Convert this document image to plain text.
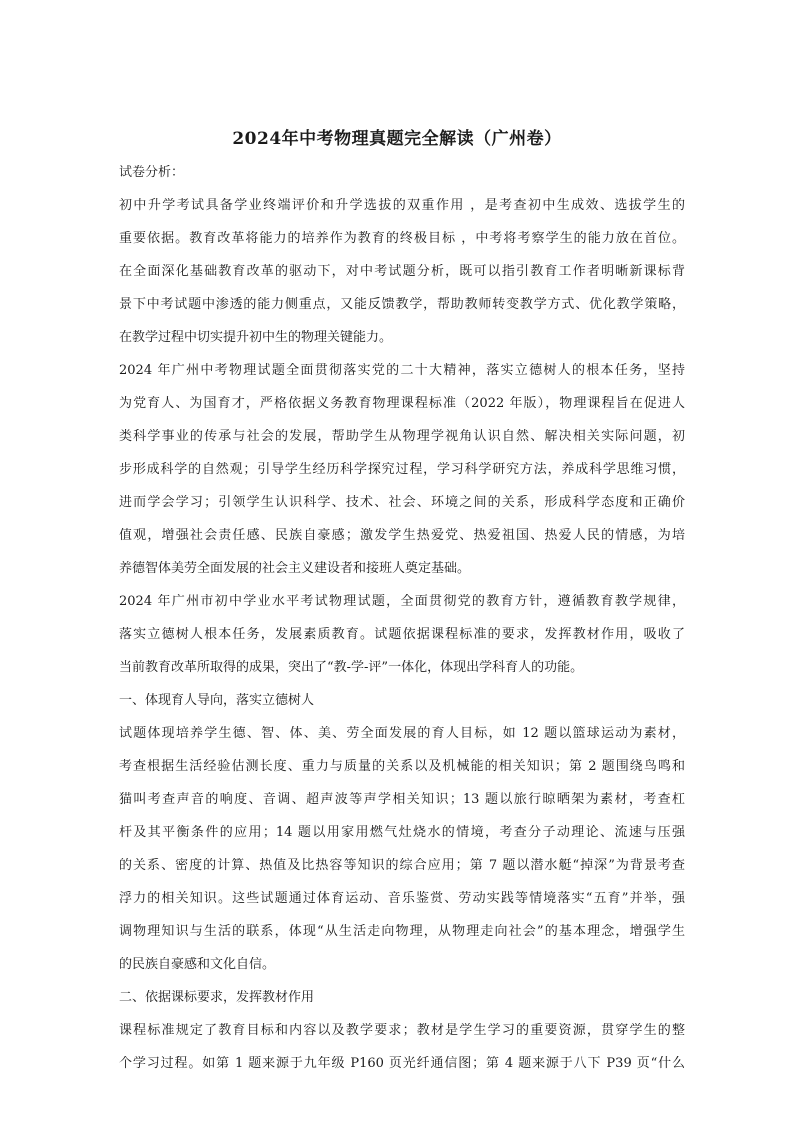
2024年中考物理真题完全解读（广州卷）
试卷分析：
初中升学考试具备学业终端评价和升学选拔的双重作用 ，是考查初中生成效、选拔学生的
重要依据。教育改革将能力的培养作为教育的终极目标 ，中考将考察学生的能力放在首位。
在全面深化基础教育改革的驱动下，对中考试题分析，既可以指引教育工作者明晰新课标背
景下中考试题中渗透的能力侧重点，又能反馈教学，帮助教师转变教学方式、优化教学策略，
在教学过程中切实提升初中生的物理关键能力。
2024 年广州中考物理试题全面贯彻落实党的二十大精神，落实立德树人的根本任务，坚持
为党育人、为国育才，严格依据义务教育物理课程标准（2022 年版），物理课程旨在促进人
类科学事业的传承与社会的发展，帮助学生从物理学视角认识自然、解决相关实际问题，初
步形成科学的自然观；引导学生经历科学探究过程，学习科学研究方法，养成科学思维习惯，
进而学会学习；引领学生认识科学、技术、社会、环境之间的关系，形成科学态度和正确价
值观，增强社会责任感、民族自豪感；激发学生热爱党、热爱祖国、热爱人民的情感，为培
养德智体美劳全面发展的社会主义建设者和接班人奠定基础。
2024 年广州市初中学业水平考试物理试题，全面贯彻党的教育方针，遵循教育教学规律，
落实立德树人根本任务，发展素质教育。试题依据课程标准的要求，发挥教材作用，吸收了
当前教育改革所取得的成果，突出了“教-学-评”一体化，体现出学科育人的功能。
一、体现育人导向，落实立德树人
试题体现培养学生德、智、体、美、劳全面发展的育人目标，如 12 题以篮球运动为素材，
考查根据生活经验估测长度、重力与质量的关系以及机械能的相关知识；第 2 题围绕鸟鸣和
猫叫考查声音的响度、音调、超声波等声学相关知识；13 题以旅行晾晒架为素材，考查杠
杆及其平衡条件的应用；14 题以用家用燃气灶烧水的情境，考查分子动理论、流速与压强
的关系、密度的计算、热值及比热容等知识的综合应用；第 7 题以潜水艇“掉深”为背景考查
浮力的相关知识。这些试题通过体育运动、音乐鉴赏、劳动实践等情境落实“五育”并举，强
调物理知识与生活的联系，体现“从生活走向物理，从物理走向社会”的基本理念，增强学生
的民族自豪感和文化自信。
二、依据课标要求，发挥教材作用
课程标准规定了教育目标和内容以及教学要求；教材是学生学习的重要资源，贯穿学生的整
个学习过程。如第 1 题来源于九年级 P160 页光纤通信图；第 4 题来源于八下 P39 页“什么
